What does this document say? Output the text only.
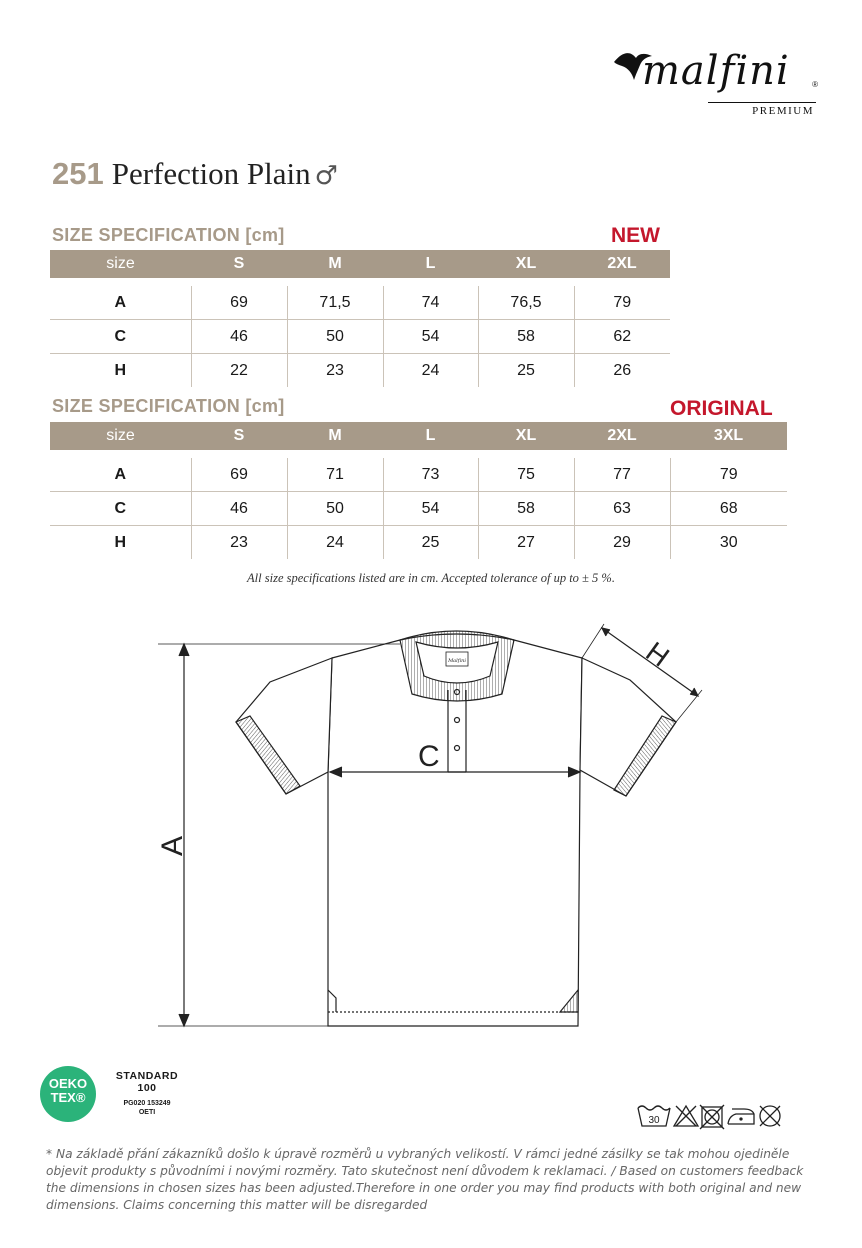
malfini	®
PREMIUM
251 Perfection Plain ♂
SIZE SPECIFICATION [cm]	NEW
size	S	M	L	XL	2XL

A	69	71,5	74	76,5	79
C	46	50	54	58	62
H	22	23	24	25	26
SIZE SPECIFICATION [cm]	ORIGINAL
size	S	M	L	XL	2XL	3XL

A	69	71	73	75	77	79
C	46	50	54	58	63	68
H	23	24	25	27	29	30
All size specifications listed are in cm. Accepted tolerance of up to ± 5 %.
C
A
H
Malfini
OEKO
TEX®
STANDARD
100
PG020 153249
OETI
30
* Na základě přání zákazníků došlo k úpravě rozměrů u vybraných velikostí. V rámci jedné zásilky se tak mohou ojediněle objevit produkty s původními i novými rozměry. Tato skutečnost není důvodem k reklamaci. / Based on customers feedback the dimensions in chosen sizes has been adjusted.Therefore in one order you may find products with both original and new dimensions. Claims concerning this matter will be disregarded
